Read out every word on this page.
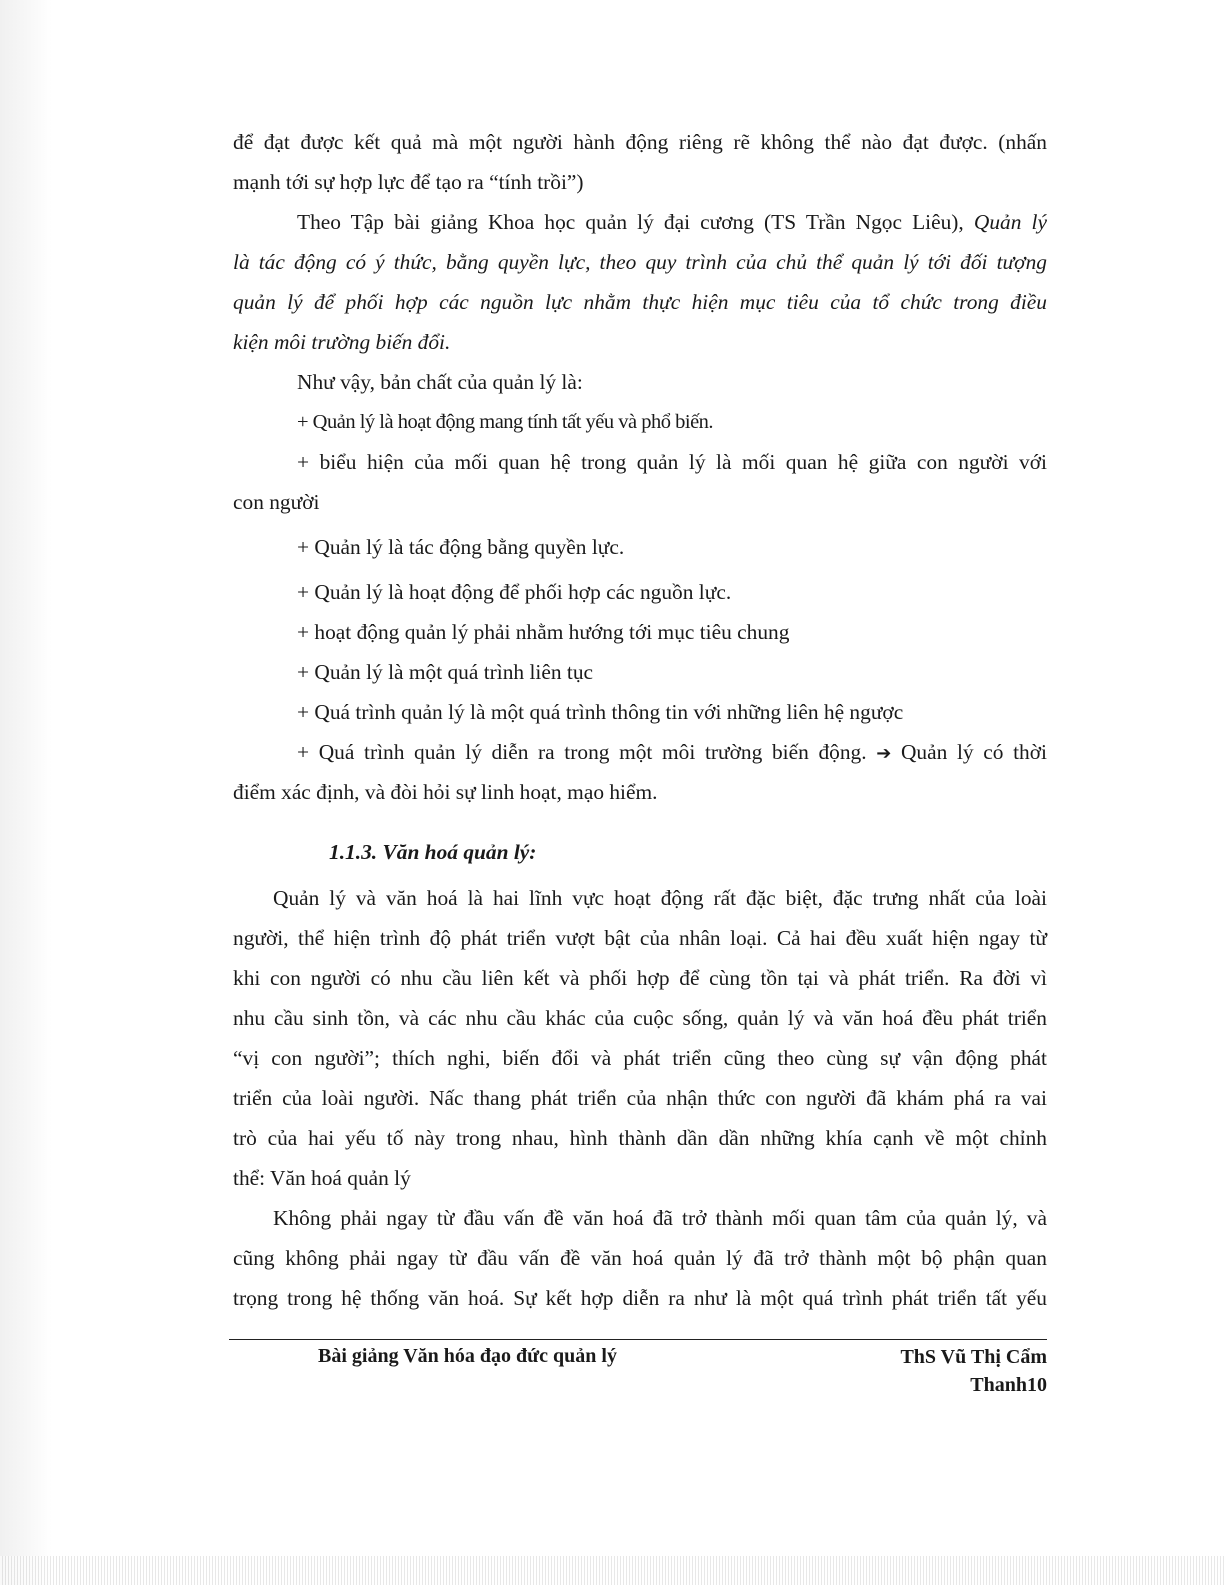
để đạt được kết quả mà một người hành động riêng rẽ không thể nào đạt được. (nhấn
mạnh tới sự hợp lực để tạo ra “tính trồi”)
Theo Tập bài giảng Khoa học quản lý đại cương (TS Trần Ngọc Liêu), Quản lý
là tác động có ý thức, bằng quyền lực, theo quy trình của chủ thể quản lý tới đối tượng
quản lý để phối hợp các nguồn lực nhằm thực hiện mục tiêu của tổ chức trong điều
kiện môi trường biến đổi.
Như vậy, bản chất của quản lý là:
+ Quản lý là hoạt động mang tính tất yếu và phổ biến.
+ biểu hiện của mối quan hệ trong quản lý là mối quan hệ giữa con người với
con người
+ Quản lý là tác động bằng quyền lực.
+ Quản lý là hoạt động để phối hợp các nguồn lực.
+ hoạt động quản lý phải nhằm hướng tới mục tiêu chung
+ Quản lý là một quá trình liên tục
+ Quá trình quản lý là một quá trình thông tin với những liên hệ ngược
+ Quá trình quản lý diễn ra trong một môi trường biến động. ➔ Quản lý có thời
điểm xác định, và đòi hỏi sự linh hoạt, mạo hiểm.
1.1.3. Văn hoá quản lý:
Quản lý và văn hoá là hai lĩnh vực hoạt động rất đặc biệt, đặc trưng nhất của loài
người, thể hiện trình độ phát triển vượt bật của nhân loại. Cả hai đều xuất hiện ngay từ
khi con người có nhu cầu liên kết và phối hợp để cùng tồn tại và phát triển. Ra đời vì
nhu cầu sinh tồn, và các nhu cầu khác của cuộc sống, quản lý và văn hoá đều phát triển
“vị con người”; thích nghi, biến đổi và phát triển cũng theo cùng sự vận động phát
triển của loài người. Nấc thang phát triển của nhận thức con người đã khám phá ra vai
trò của hai yếu tố này trong nhau, hình thành dần dần những khía cạnh về một chỉnh
thể: Văn hoá quản lý
Không phải ngay từ đầu vấn đề văn hoá đã trở thành mối quan tâm của quản lý, và
cũng không phải ngay từ đầu vấn đề văn hoá quản lý đã trở thành một bộ phận quan
trọng trong hệ thống văn hoá. Sự kết hợp diễn ra như là một quá trình phát triển tất yếu
Bài giảng Văn hóa đạo đức quản lý	ThS Vũ Thị Cẩm
Thanh10
